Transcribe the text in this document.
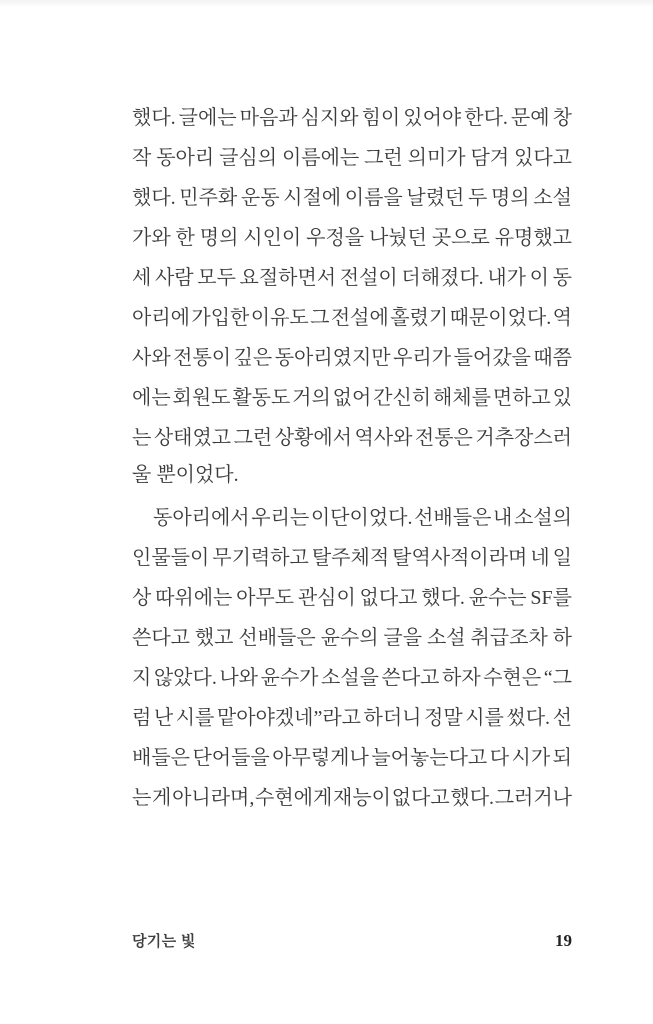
했다. 글에는 마음과 심지와 힘이 있어야 한다. 문예 창
작 동아리 글심의 이름에는 그런 의미가 담겨 있다고
했다. 민주화 운동 시절에 이름을 날렸던 두 명의 소설
가와 한 명의 시인이 우정을 나눴던 곳으로 유명했고
세 사람 모두 요절하면서 전설이 더해졌다. 내가 이 동
아리에 가입한 이유도 그 전설에 홀렸기 때문이었다. 역
사와 전통이 깊은 동아리였지만 우리가 들어갔을 때쯤
에는 회원도 활동도 거의 없어 간신히 해체를 면하고 있
는 상태였고 그런 상황에서 역사와 전통은 거추장스러
울 뿐이었다.
동아리에서 우리는 이단이었다. 선배들은 내 소설의
인물들이 무기력하고 탈주체적 탈역사적이라며 네 일
상 따위에는 아무도 관심이 없다고 했다. 윤수는 SF를
쓴다고 했고 선배들은 윤수의 글을 소설 취급조차 하
지 않았다. 나와 윤수가 소설을 쓴다고 하자 수현은 “그
럼 난 시를 맡아야겠네”라고 하더니 정말 시를 썼다. 선
배들은 단어들을 아무렇게나 늘어놓는다고 다 시가 되
는 게 아니라며, 수현에게 재능이 없다고 했다. 그러거나
당기는 빛	19
